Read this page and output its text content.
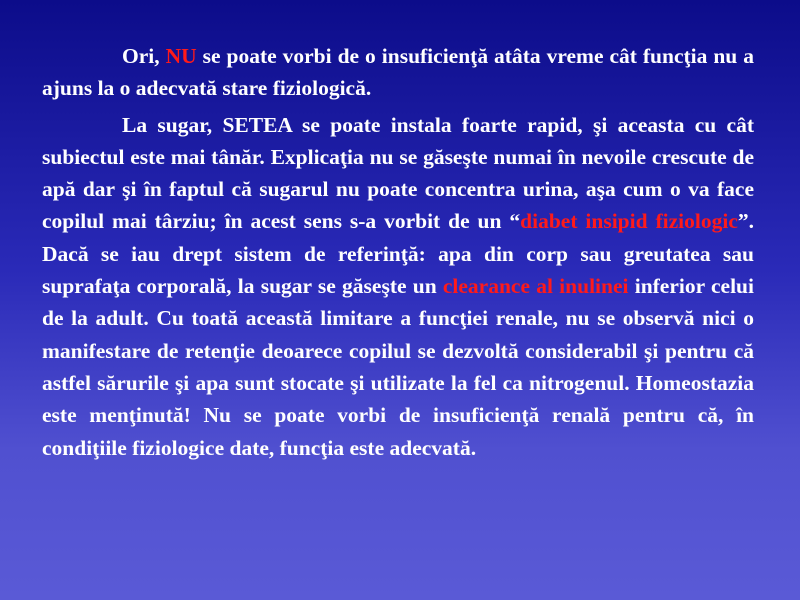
Ori, NU se poate vorbi de o insuficienţă atâta vreme cât funcţia nu a ajuns la o adecvată stare fiziologică.

La sugar, SETEA se poate instala foarte rapid, şi aceasta cu cât subiectul este mai tânăr. Explicaţia nu se găseşte numai în nevoile crescute de apă dar şi în faptul că sugarul nu poate concentra urina, aşa cum o va face copilul mai târziu; în acest sens s-a vorbit de un “diabet insipid fiziologic”. Dacă se iau drept sistem de referinţă: apa din corp sau greutatea sau suprafaţa corporală, la sugar se găseşte un clearance al inulinei inferior celui de la adult. Cu toată această limitare a funcţiei renale, nu se observă nici o manifestare de retenţie deoarece copilul se dezvoltă considerabil şi pentru că astfel sărurile şi apa sunt stocate şi utilizate la fel ca nitrogenul. Homeostazia este menţinută! Nu se poate vorbi de insuficienţă renală pentru că, în condiţiile fiziologice date, funcţia este adecvată.
